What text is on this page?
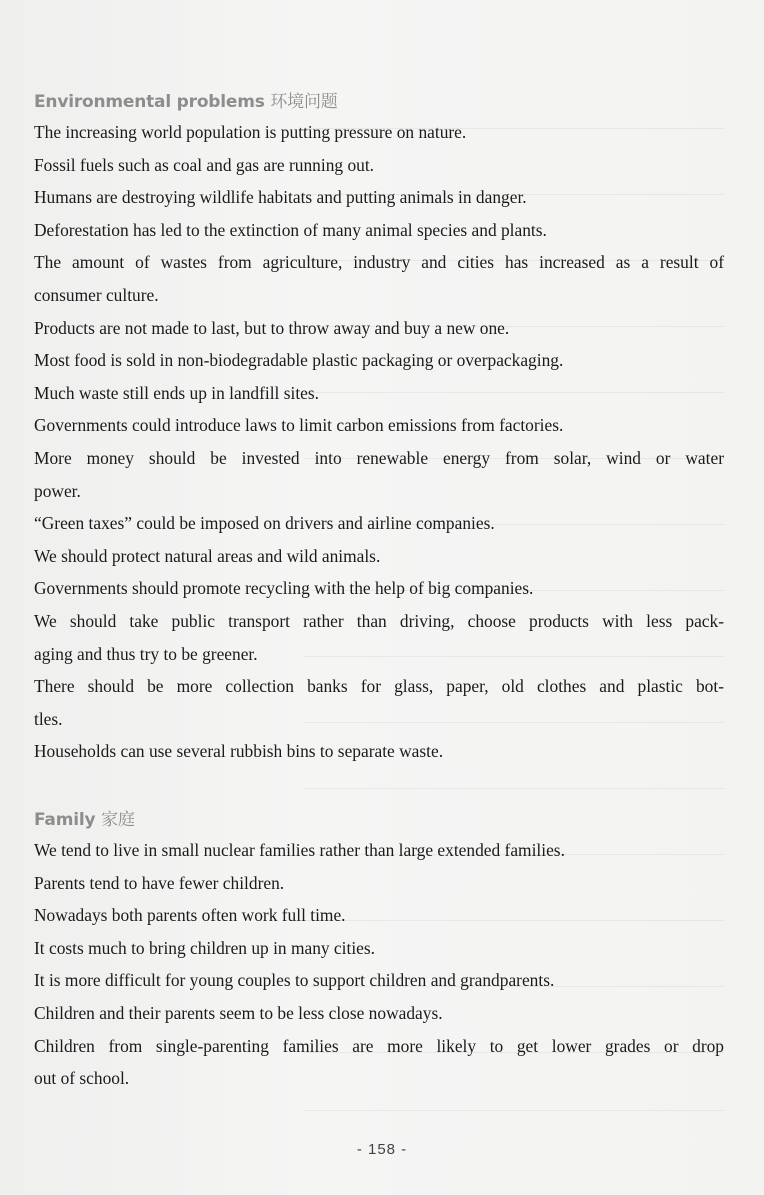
Environmental problems 环境问题
The increasing world population is putting pressure on nature.
Fossil fuels such as coal and gas are running out.
Humans are destroying wildlife habitats and putting animals in danger.
Deforestation has led to the extinction of many animal species and plants.
The amount of wastes from agriculture, industry and cities has increased as a result of
consumer culture.
Products are not made to last, but to throw away and buy a new one.
Most food is sold in non-biodegradable plastic packaging or overpackaging.
Much waste still ends up in landfill sites.
Governments could introduce laws to limit carbon emissions from factories.
More money should be invested into renewable energy from solar, wind or water
power.
“Green taxes” could be imposed on drivers and airline companies.
We should protect natural areas and wild animals.
Governments should promote recycling with the help of big companies.
We should take public transport rather than driving, choose products with less pack-
aging and thus try to be greener.
There should be more collection banks for glass, paper, old clothes and plastic bot-
tles.
Households can use several rubbish bins to separate waste.
Family 家庭
We tend to live in small nuclear families rather than large extended families.
Parents tend to have fewer children.
Nowadays both parents often work full time.
It costs much to bring children up in many cities.
It is more difficult for young couples to support children and grandparents.
Children and their parents seem to be less close nowadays.
Children from single-parenting families are more likely to get lower grades or drop
out of school.
- 158 -
